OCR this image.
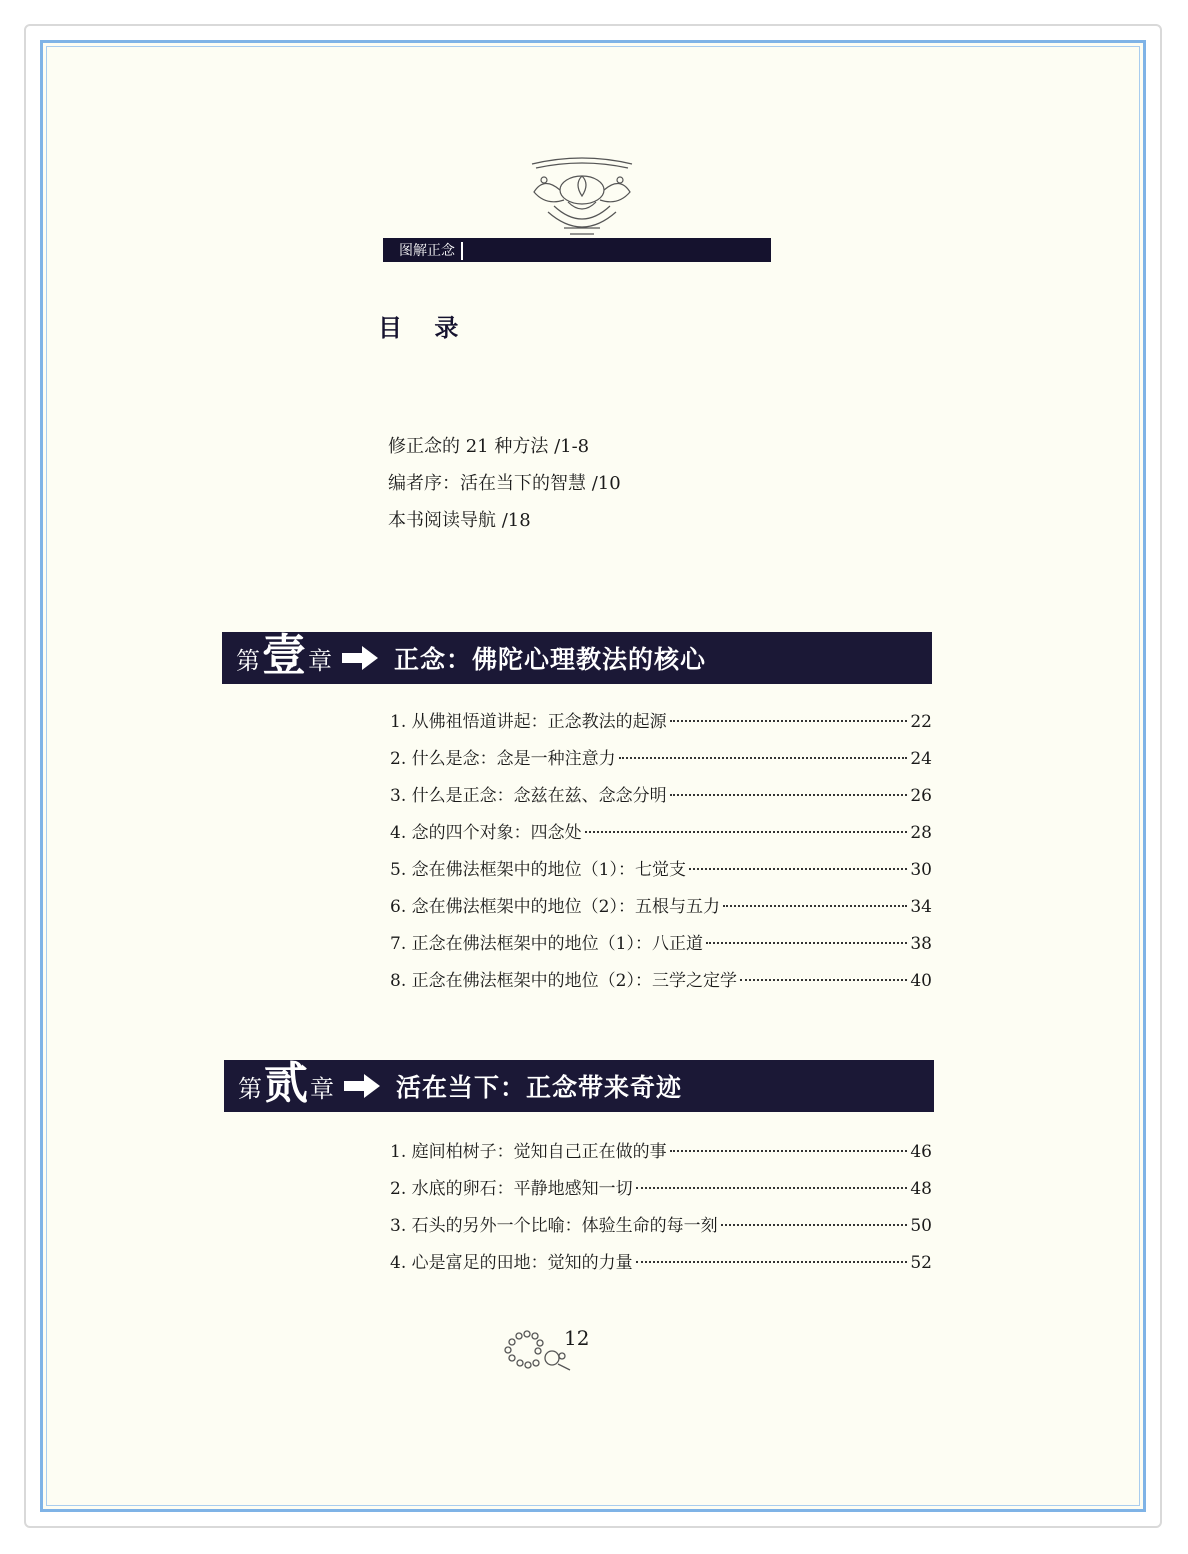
图解正念
目 录
修正念的 21 种方法 /1-8
编者序：活在当下的智慧 /10
本书阅读导航 /18
第 壹 章 正念：佛陀心理教法的核心
1. 从佛祖悟道讲起：正念教法的起源	22
2. 什么是念：念是一种注意力	24
3. 什么是正念：念兹在兹、念念分明	26
4. 念的四个对象：四念处	28
5. 念在佛法框架中的地位（1）：七觉支	30
6. 念在佛法框架中的地位（2）：五根与五力	34
7. 正念在佛法框架中的地位（1）：八正道	38
8. 正念在佛法框架中的地位（2）：三学之定学	40
第 贰 章 活在当下：正念带来奇迹
1. 庭间柏树子：觉知自己正在做的事	46
2. 水底的卵石：平静地感知一切	48
3. 石头的另外一个比喻：体验生命的每一刻	50
4. 心是富足的田地：觉知的力量	52
12
